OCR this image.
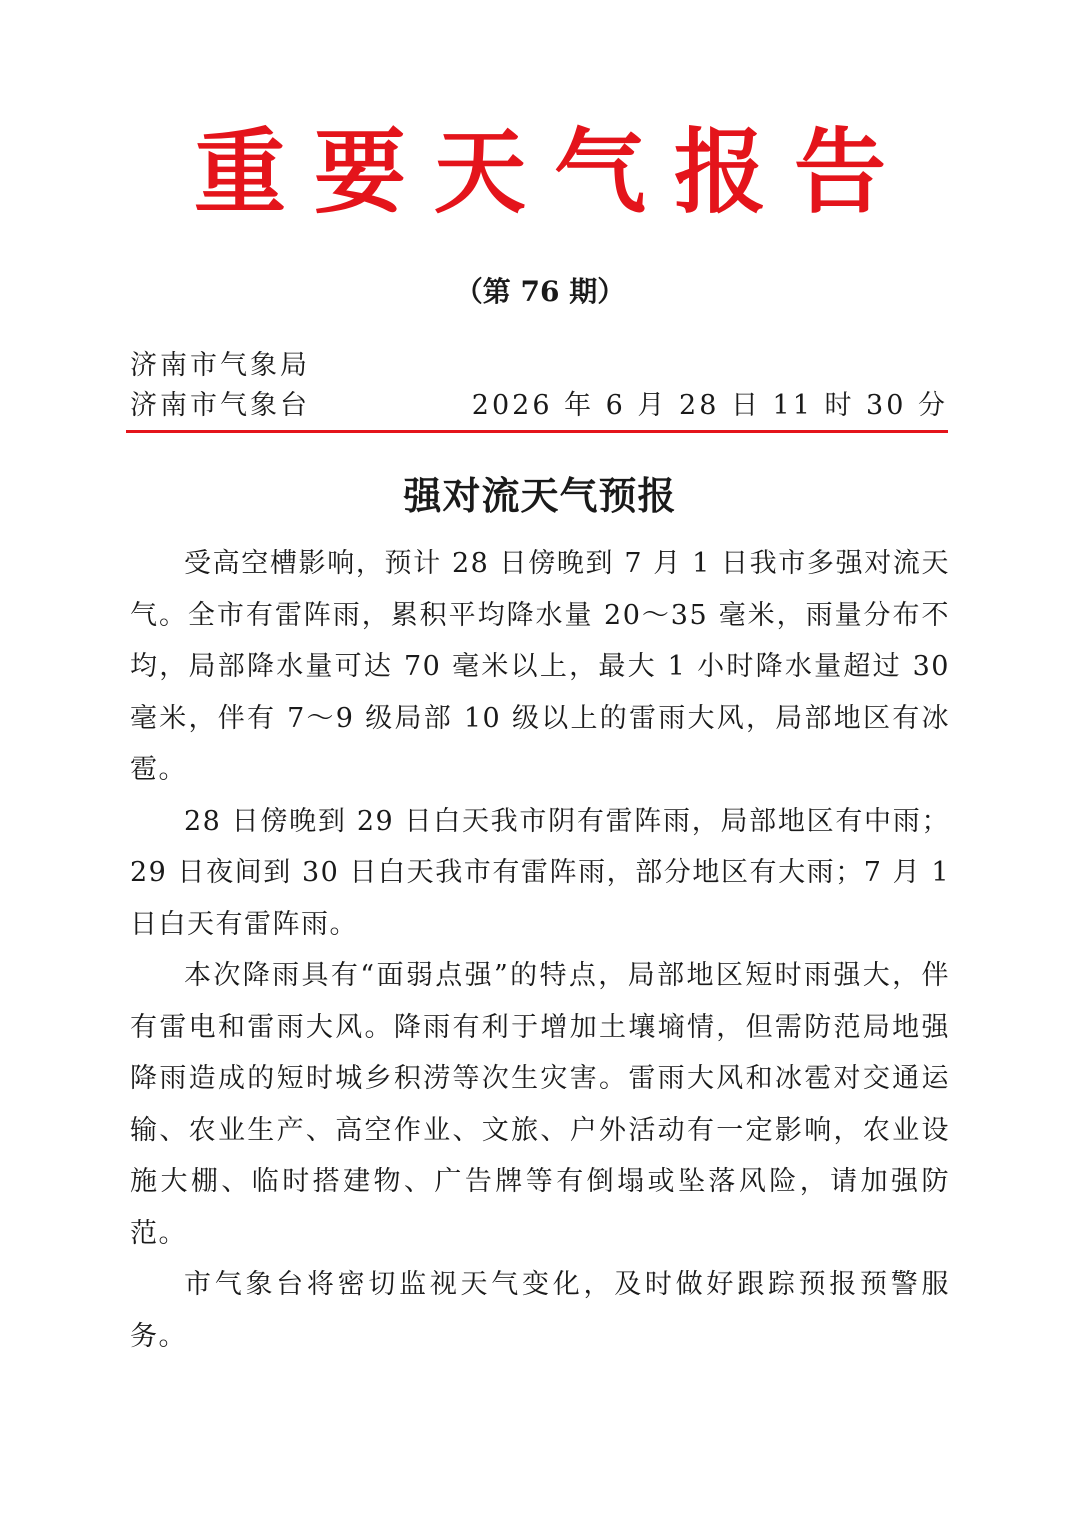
重要天气报告
（第 76 期）
济南市气象局
济南市气象台	2026 年 6 月 28 日 11 时 30 分
强对流天气预报

受高空槽影响，预计 28 日傍晚到 7 月 1 日我市多强对流天气。全市有雷阵雨，累积平均降水量 20～35 毫米，雨量分布不均，局部降水量可达 70 毫米以上，最大 1 小时降水量超过 30 毫米，伴有 7～9 级局部 10 级以上的雷雨大风，局部地区有冰雹。

28 日傍晚到 29 日白天我市阴有雷阵雨，局部地区有中雨；29 日夜间到 30 日白天我市有雷阵雨，部分地区有大雨；7 月 1 日白天有雷阵雨。

本次降雨具有“面弱点强”的特点，局部地区短时雨强大，伴有雷电和雷雨大风。降雨有利于增加土壤墒情，但需防范局地强降雨造成的短时城乡积涝等次生灾害。雷雨大风和冰雹对交通运输、农业生产、高空作业、文旅、户外活动有一定影响，农业设施大棚、临时搭建物、广告牌等有倒塌或坠落风险，请加强防范。

市气象台将密切监视天气变化，及时做好跟踪预报预警服务。
